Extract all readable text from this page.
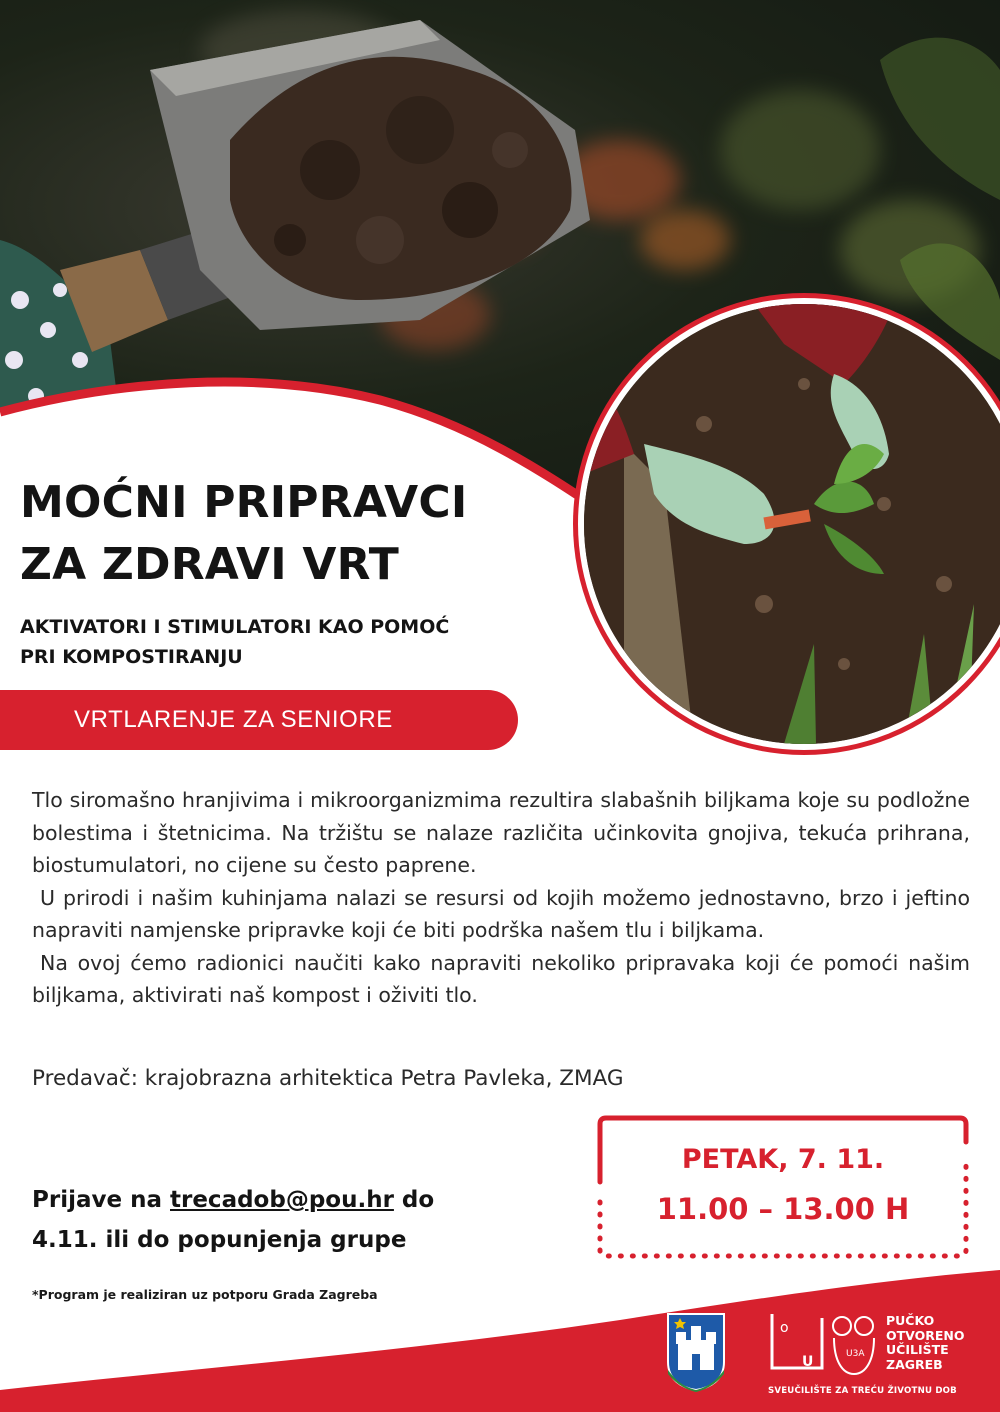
MOĆNI PRIPRAVCI
ZA ZDRAVI VRT
AKTIVATORI I STIMULATORI KAO POMOĆ
PRI KOMPOSTIRANJU
VRTLARENJE ZA SENIORE

Tlo siromašno hranjivima i mikroorganizmima rezultira slabašnih biljkama koje su podložne bolestima i štetnicima. Na tržištu se nalaze različita učinkovita gnojiva, tekuća prihrana, biostumulatori, no cijene su često paprene.

U prirodi i našim kuhinjama nalazi se resursi od kojih možemo jednostavno, brzo i jeftino napraviti namjenske pripravke koji će biti podrška našem tlu i biljkama.

Na ovoj ćemo radionici naučiti kako napraviti nekoliko pripravaka koji će pomoći našim biljkama, aktivirati naš kompost i oživiti tlo.

Predavač: krajobrazna arhitektica Petra Pavleka, ZMAG
PETAK, 7. 11.
11.00 – 13.00 H
Prijave na trecadob@pou.hr do
4.11. ili do popunjenja grupe
*Program je realiziran uz potporu Grada Zagreba
o
U	U3A
PUČKO
OTVORENO
UČILIŠTE
ZAGREB
SVEUČILIŠTE ZA TREĆU ŽIVOTNU DOB
